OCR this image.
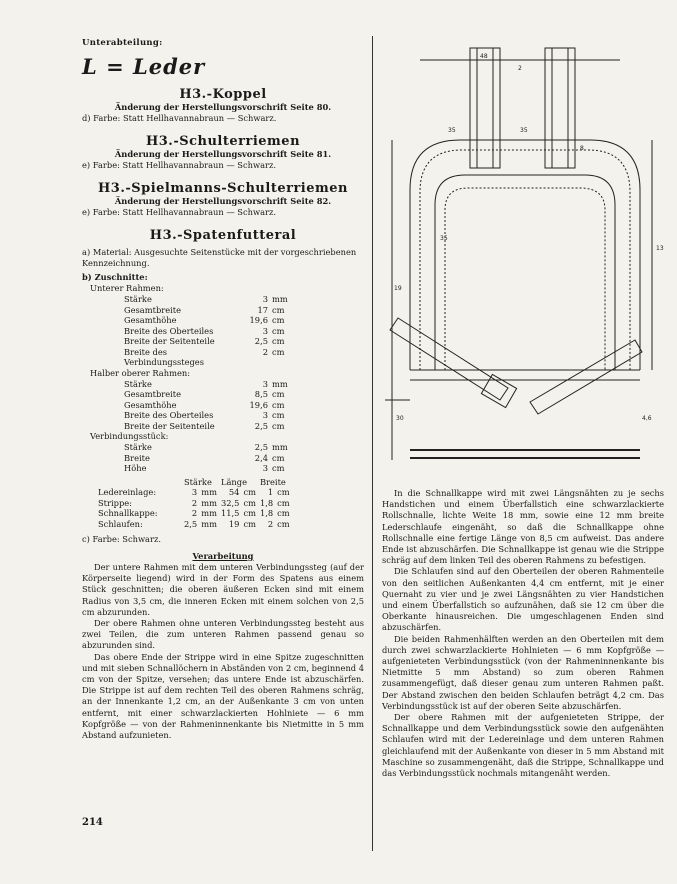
Unterabteilung:

L = Leder

H3.-Koppel

Änderung der Herstellungsvorschrift Seite 80.

d) Farbe: Statt Hellhavannabraun — Schwarz.

H3.-Schulterriemen

Änderung der Herstellungsvorschrift Seite 81.

e) Farbe: Statt Hellhavannabraun — Schwarz.

H3.-Spielmanns-Schulterriemen

Änderung der Herstellungsvorschrift Seite 82.

e) Farbe: Statt Hellhavannabraun — Schwarz.

H3.-Spatenfutteral

a) Material: Ausgesuchte Seitenstücke mit der vorgeschriebenen Kennzeichnung.

b) Zuschnitte:

Unterer Rahmen:

Stärke	3	mm
Gesamtbreite	17	cm
Gesamthöhe	19,6	cm
Breite des Oberteiles	3	cm
Breite der Seitenteile	2,5	cm
Breite des Verbindungssteges	2	cm

Halber oberer Rahmen:

Stärke	3	mm
Gesamtbreite	8,5	cm
Gesamthöhe	19,6	cm
Breite des Oberteiles	3	cm
Breite der Seitenteile	2,5	cm

Verbindungsstück:

Stärke	2,5	mm
Breite	2,4	cm
Höhe	3	cm
	Stärke		Länge		Breite	
Ledereinlage:	3	mm	54	cm	1	cm
Strippe:	2	mm	32,5	cm	1,8	cm
Schnallkappe:	2	mm	11,5	cm	1,8	cm
Schlaufen:	2,5	mm	19	cm	2	cm

c) Farbe: Schwarz.

Verarbeitung

Der untere Rahmen mit dem unteren Verbindungssteg (auf der Körperseite liegend) wird in der Form des Spatens aus einem Stück geschnitten; die oberen äußeren Ecken sind mit einem Radius von 3,5 cm, die inneren Ecken mit einem solchen von 2,5 cm abzurunden.

Der obere Rahmen ohne unteren Verbindungssteg besteht aus zwei Teilen, die zum unteren Rahmen passend genau so abzurunden sind.

Das obere Ende der Strippe wird in eine Spitze zugeschnitten und mit sieben Schnallöchern in Abständen von 2 cm, beginnend 4 cm von der Spitze, versehen; das untere Ende ist abzuschärfen. Die Strippe ist auf dem rechten Teil des oberen Rahmens schräg, an der Innenkante 1,2 cm, an der Außenkante 3 cm von unten entfernt, mit einer schwarzlackierten Hohlniete — 6 mm Kopfgröße — von der Rahmeninnenkante bis Nietmitte in 5 mm Abstand aufzunieten.

35	35
35
13
19
48
2
8
30	4,6

In die Schnallkappe wird mit zwei Längsnähten zu je sechs Handstichen und einem Überfallstich eine schwarzlackierte Rollschnalle, lichte Weite 18 mm, sowie eine 12 mm breite Lederschlaufe eingenäht, so daß die Schnallkappe ohne Rollschnalle eine fertige Länge von 8,5 cm aufweist. Das andere Ende ist abzuschärfen. Die Schnallkappe ist genau wie die Strippe schräg auf dem linken Teil des oberen Rahmens zu befestigen.

Die Schlaufen sind auf den Oberteilen der oberen Rahmenteile von den seitlichen Außenkanten 4,4 cm entfernt, mit je einer Quernaht zu vier und je zwei Längsnähten zu vier Handstichen und einem Überfallstich so aufzunähen, daß sie 12 cm über die Oberkante hinausreichen. Die umgeschlagenen Enden sind abzuschärfen.

Die beiden Rahmenhälften werden an den Oberteilen mit dem durch zwei schwarzlackierte Hohlnieten — 6 mm Kopfgröße — aufgenieteten Verbindungsstück (von der Rahmeninnenkante bis Nietmitte 5 mm Abstand) so zum oberen Rahmen zusammengefügt, daß dieser genau zum unteren Rahmen paßt. Der Abstand zwischen den beiden Schlaufen beträgt 4,2 cm. Das Verbindungsstück ist auf der oberen Seite abzuschärfen.

Der obere Rahmen mit der aufgenieteten Strippe, der Schnallkappe und dem Verbindungsstück sowie den aufgenähten Schlaufen wird mit der Ledereinlage und dem unteren Rahmen gleichlaufend mit der Außenkante von dieser in 5 mm Abstand mit Maschine so zusammengenäht, daß die Strippe, Schnallkappe und das Verbindungsstück nochmals mitangenäht werden.

214
